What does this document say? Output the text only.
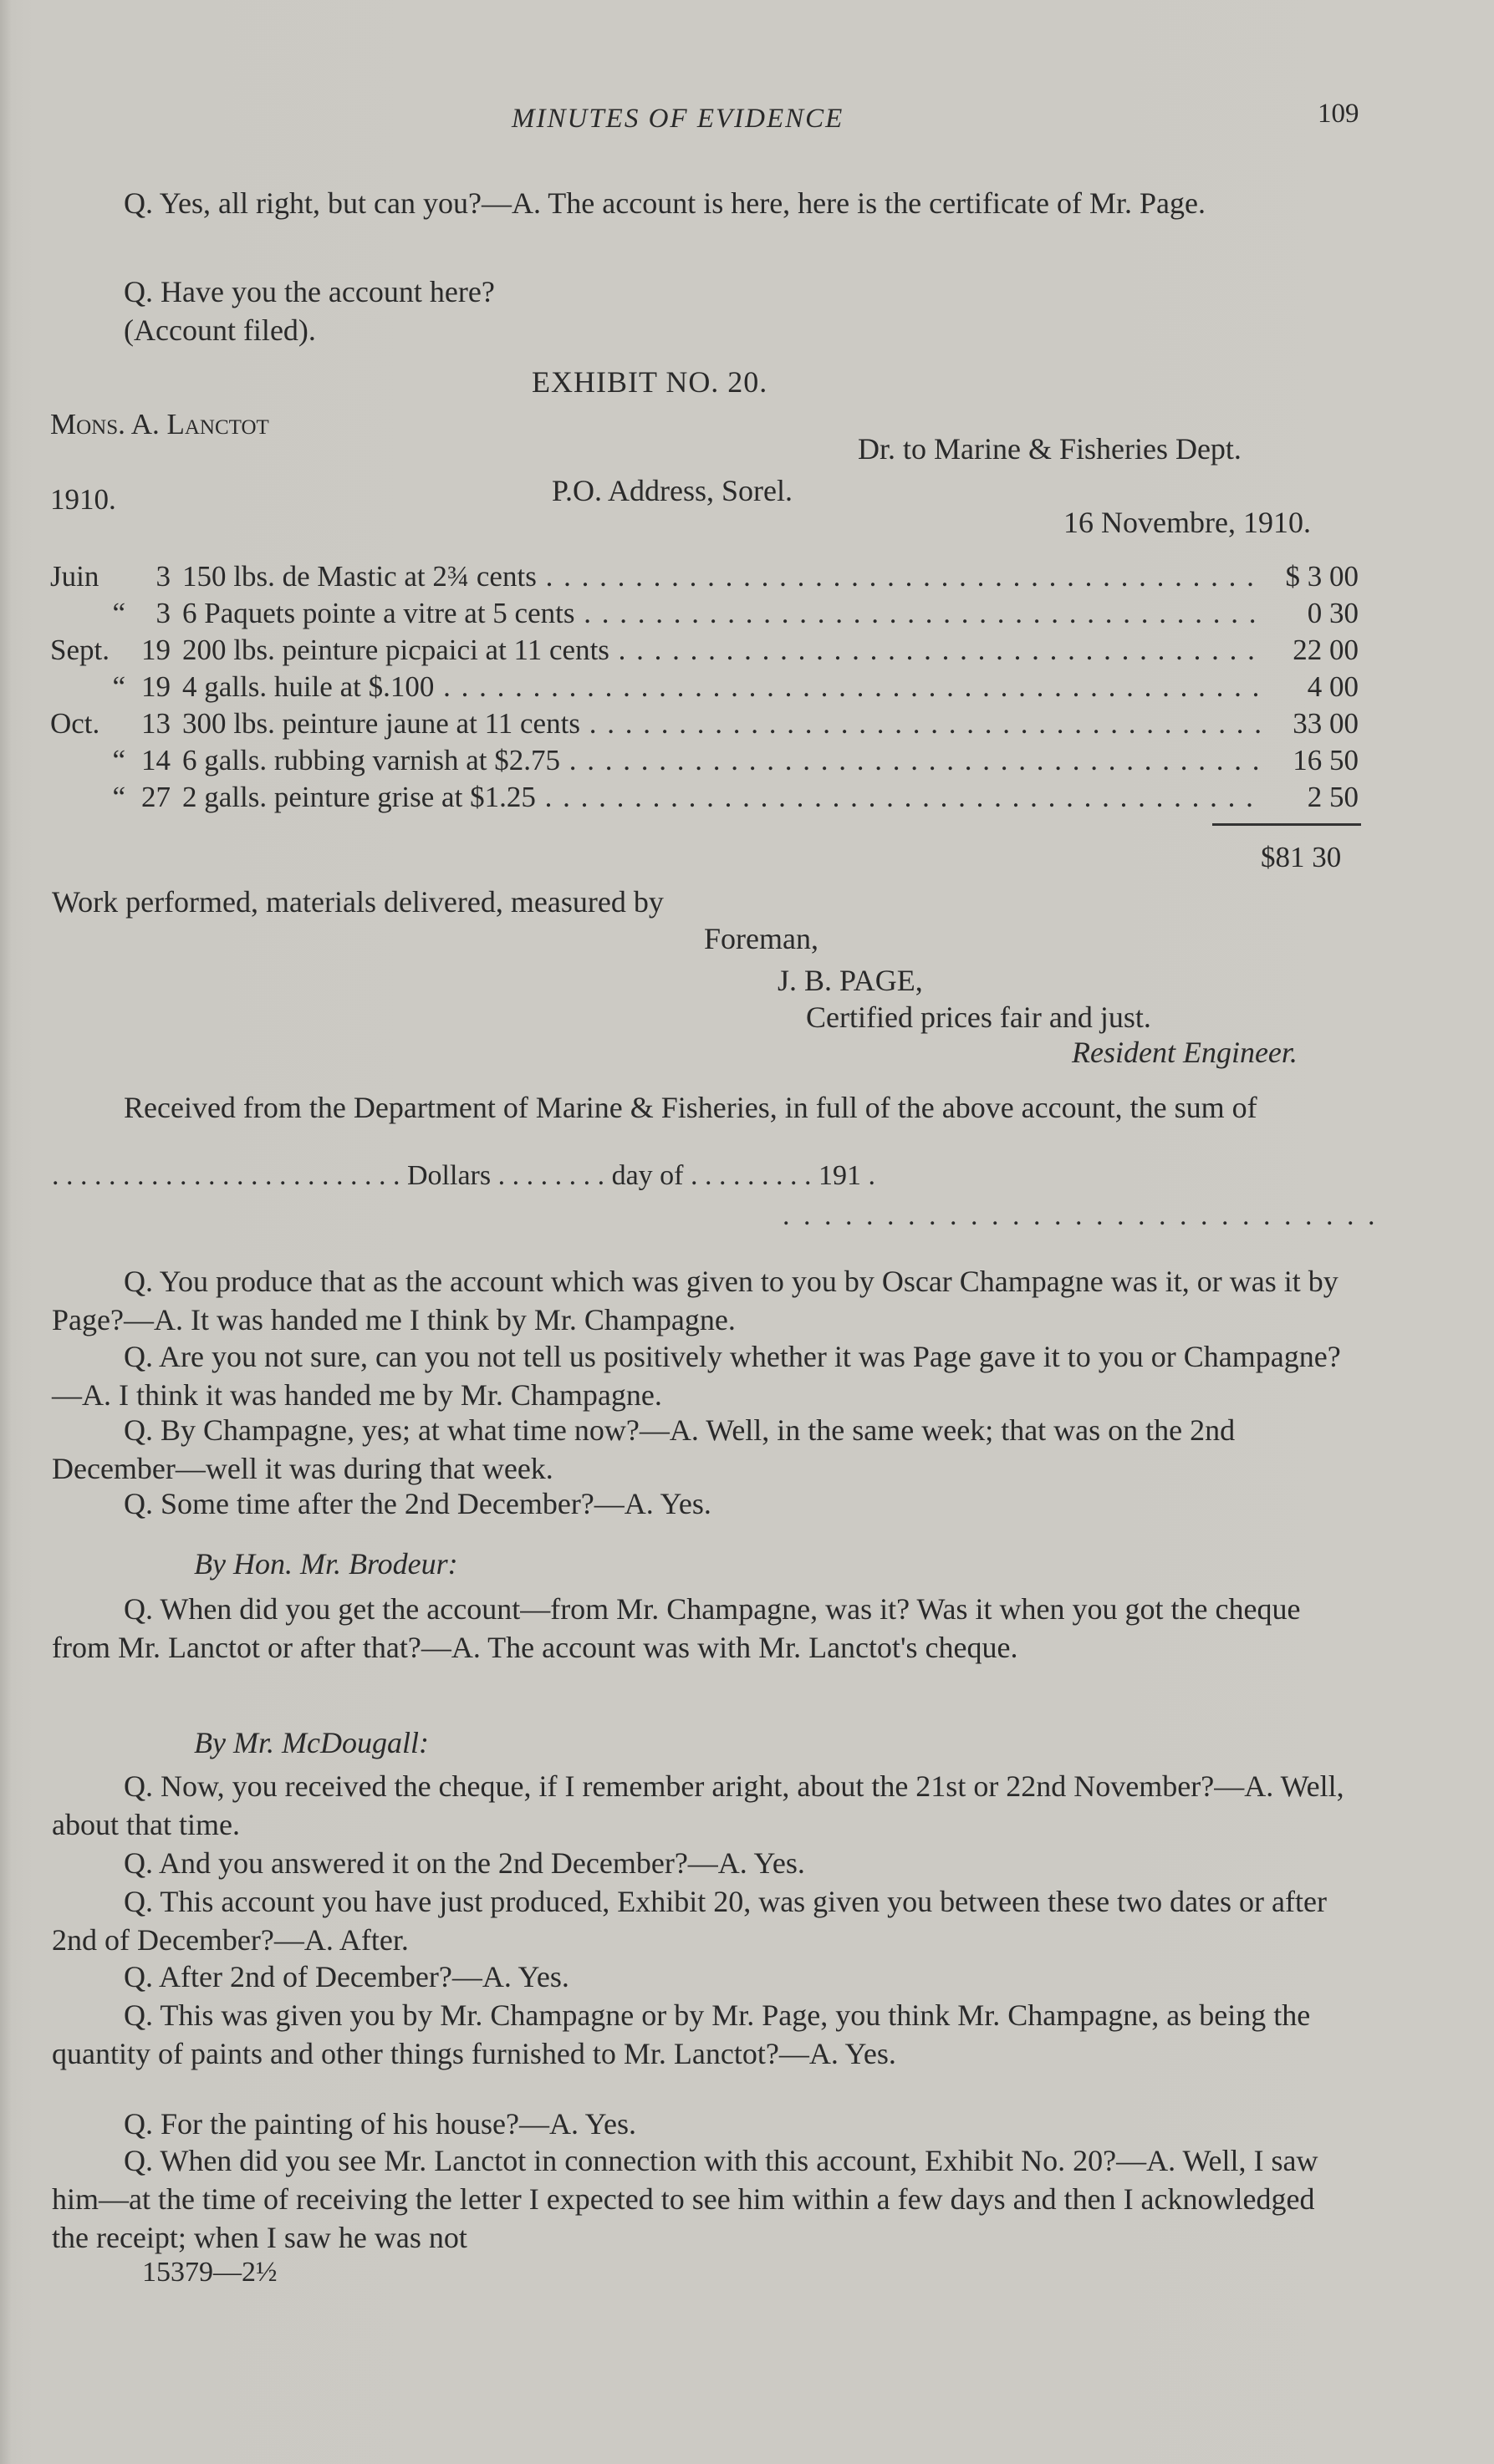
MINUTES OF EVIDENCE	109
Q. Yes, all right, but can you?—A. The account is here, here is the certificate of Mr. Page.
Q. Have you the account here?
(Account filed).
EXHIBIT NO. 20.
Mons. A. Lanctot
Dr. to Marine & Fisheries Dept.
1910.	P.O. Address, Sorel.
16 Novembre, 1910.
Juin 3 150 lbs. de Mastic at 2¾ cents . . .	$ 3 00
“ 3 6 Paquets pointe a vitre at 5 cents . . .	0 30
Sept. 19 200 lbs. peinture picpaici at 11 cents . . .	22 00
“ 19 4 galls. huile at $.100 . . .	4 00
Oct. 13 300 lbs. peinture jaune at 11 cents . . .	33 00
“ 14 6 galls. rubbing varnish at $2.75 . . .	16 50
“ 27 2 galls. peinture grise at $1.25 . . .	2 50
$81 30
Work performed, materials delivered, measured by
Foreman,
J. B. PAGE,
Certified prices fair and just.
Resident Engineer.
Received from the Department of Marine & Fisheries, in full of the above account, the sum of
. . . . . . . . . . . . . . . . . . . . . . . . . Dollars . . . . . . . . day of . . . . . . . . . 191 .
. . . . . . . . . . . . . . . . . . . . . . . . . . . . .
Q. You produce that as the account which was given to you by Oscar Champagne was it, or was it by Page?—A. It was handed me I think by Mr. Champagne.
Q. Are you not sure, can you not tell us positively whether it was Page gave it to you or Champagne?—A. I think it was handed me by Mr. Champagne.
Q. By Champagne, yes; at what time now?—A. Well, in the same week; that was on the 2nd December—well it was during that week.
Q. Some time after the 2nd December?—A. Yes.
By Hon. Mr. Brodeur:
Q. When did you get the account—from Mr. Champagne, was it? Was it when you got the cheque from Mr. Lanctot or after that?—A. The account was with Mr. Lanctot's cheque.
By Mr. McDougall:
Q. Now, you received the cheque, if I remember aright, about the 21st or 22nd November?—A. Well, about that time.
Q. And you answered it on the 2nd December?—A. Yes.
Q. This account you have just produced, Exhibit 20, was given you between these two dates or after 2nd of December?—A. After.
Q. After 2nd of December?—A. Yes.
Q. This was given you by Mr. Champagne or by Mr. Page, you think Mr. Champagne, as being the quantity of paints and other things furnished to Mr. Lanctot?—A. Yes.
Q. For the painting of his house?—A. Yes.
Q. When did you see Mr. Lanctot in connection with this account, Exhibit No. 20?—A. Well, I saw him—at the time of receiving the letter I expected to see him within a few days and then I acknowledged the receipt; when I saw he was not
15379—2½
